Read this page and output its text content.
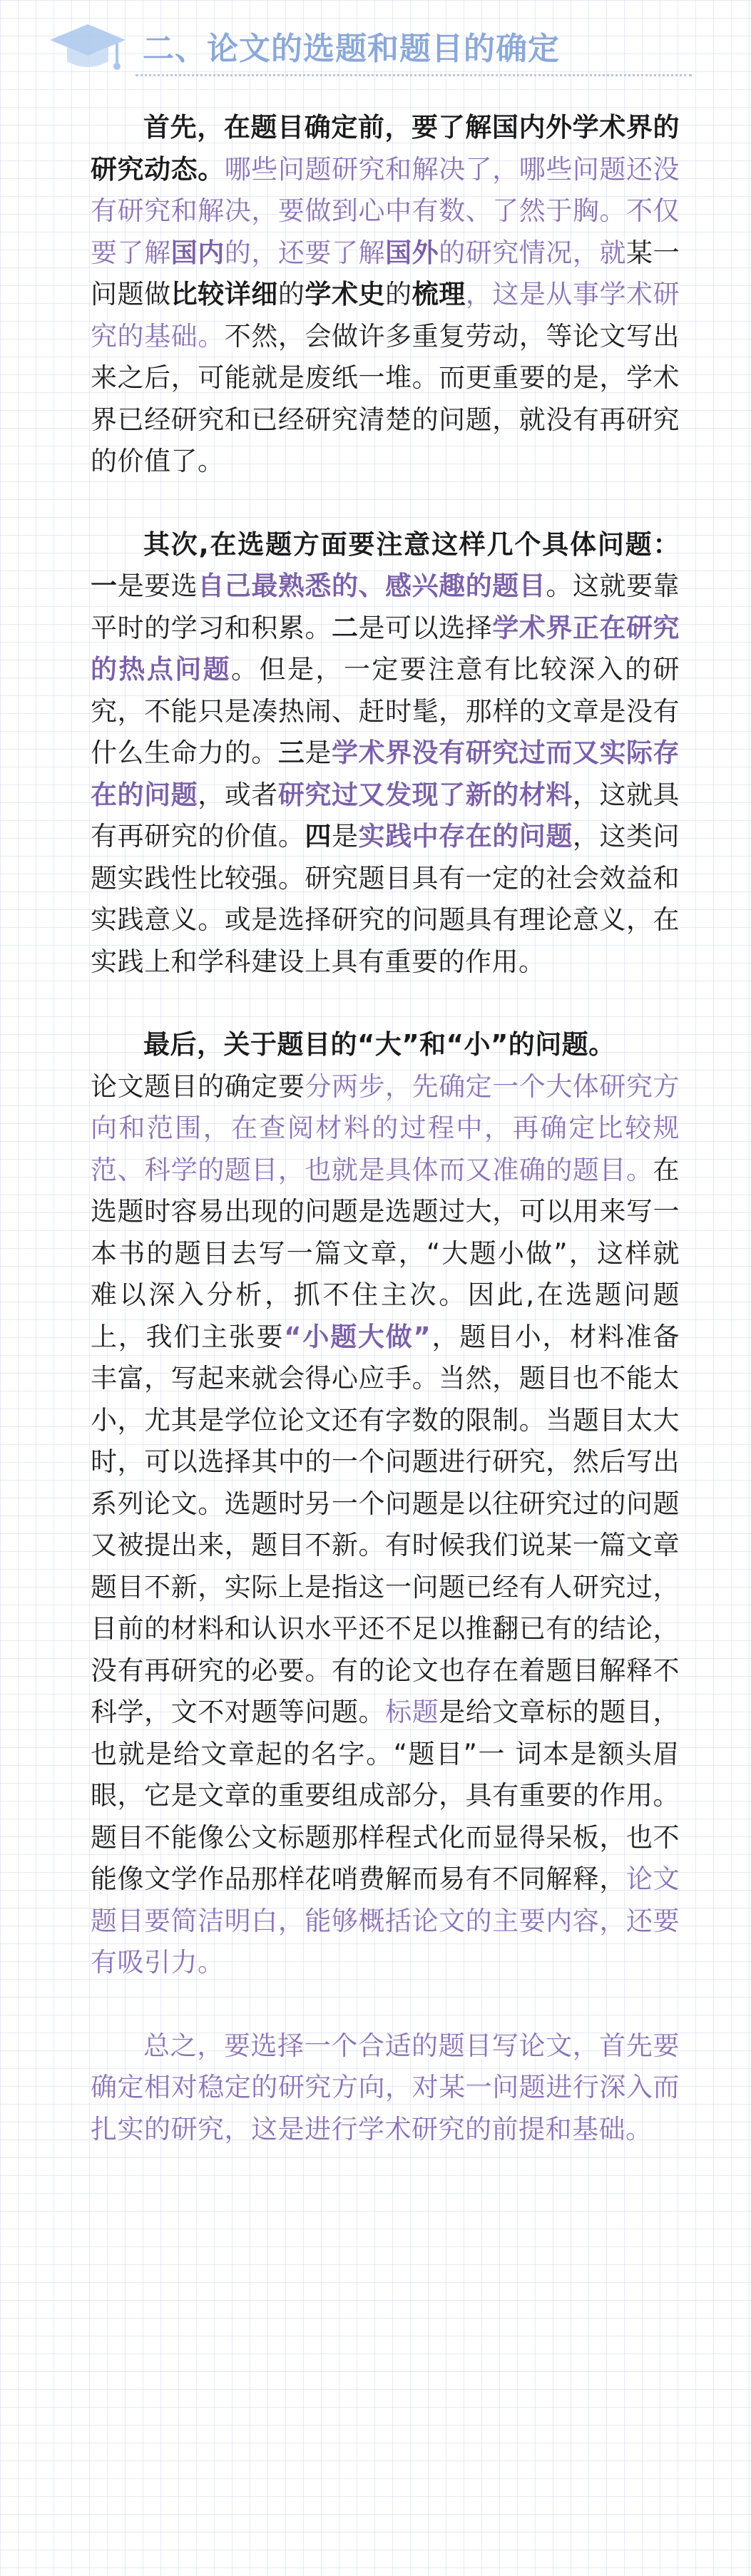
二、论文的选题和题目的确定

首先，在题目确定前，要了解国内外学术界的研究动态。哪些问题研究和解决了，哪些问题还没有研究和解决，要做到心中有数、了然于胸。不仅要了解国内的，还要了解国外的研究情况，就某一问题做比较详细的学术史的梳理，这是从事学术研究的基础。不然，会做许多重复劳动，等论文写出来之后，可能就是废纸一堆。而更重要的是，学术界已经研究和已经研究清楚的问题，就没有再研究的价值了。

其次,在选题方面要注意这样几个具体问题：一是要选自己最熟悉的、感兴趣的题目。这就要靠平时的学习和积累。二是可以选择学术界正在研究的热点问题。但是，一定要注意有比较深入的研究，不能只是凑热闹、赶时髦，那样的文章是没有什么生命力的。三是学术界没有研究过而又实际存在的问题，或者研究过又发现了新的材料，这就具有再研究的价值。四是实践中存在的问题，这类问题实践性比较强。研究题目具有一定的社会效益和实践意义。或是选择研究的问题具有理论意义，在实践上和学科建设上具有重要的作用。

最后，关于题目的“大”和“小”的问题。
论文题目的确定要分两步，先确定一个大体研究方向和范围，在查阅材料的过程中，再确定比较规范、科学的题目，也就是具体而又准确的题目。在选题时容易出现的问题是选题过大，可以用来写一本书的题目去写一篇文章，“大题小做”，这样就难以深入分析，抓不住主次。因此,在选题问题上，我们主张要“小题大做”，题目小，材料准备丰富，写起来就会得心应手。当然，题目也不能太小，尤其是学位论文还有字数的限制。当题目太大时，可以选择其中的一个问题进行研究，然后写出系列论文。选题时另一个问题是以往研究过的问题又被提出来，题目不新。有时候我们说某一篇文章题目不新，实际上是指这一问题已经有人研究过，目前的材料和认识水平还不足以推翻已有的结论，没有再研究的必要。有的论文也存在着题目解释不科学，文不对题等问题。标题是给文章标的题目，也就是给文章起的名字。“题目”一 词本是额头眉眼，它是文章的重要组成部分，具有重要的作用。题目不能像公文标题那样程式化而显得呆板，也不能像文学作品那样花哨费解而易有不同解释，论文题目要简洁明白，能够概括论文的主要内容，还要有吸引力。

总之，要选择一个合适的题目写论文，首先要确定相对稳定的研究方向，对某一问题进行深入而扎实的研究，这是进行学术研究的前提和基础。
